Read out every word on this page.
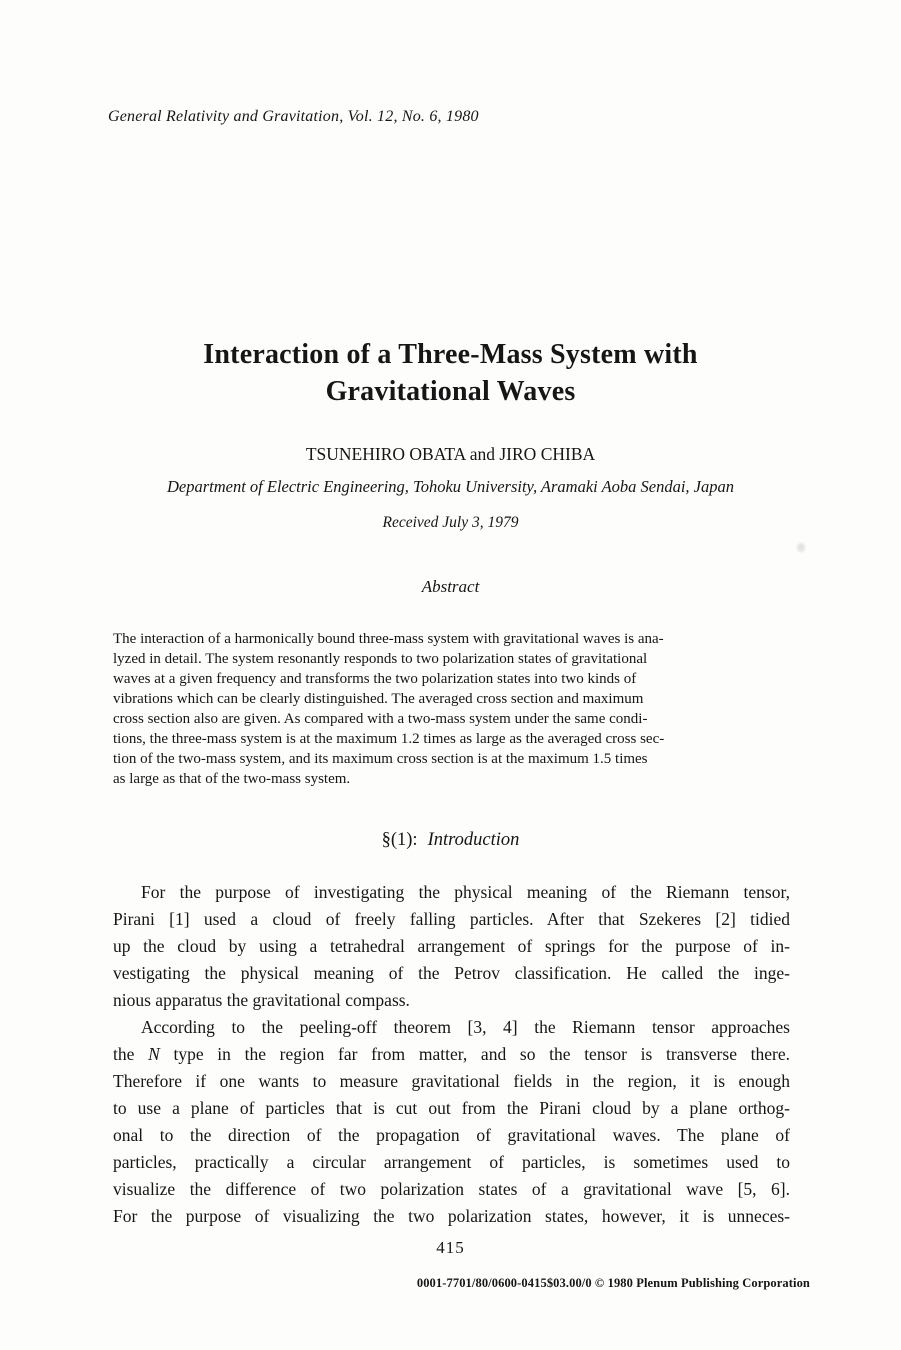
General Relativity and Gravitation, Vol. 12, No. 6, 1980
Interaction of a Three-Mass System with
Gravitational Waves
TSUNEHIRO OBATA and JIRO CHIBA
Department of Electric Engineering, Tohoku University, Aramaki Aoba Sendai, Japan
Received July 3, 1979
Abstract
The interaction of a harmonically bound three-mass system with gravitational waves is ana-
lyzed in detail. The system resonantly responds to two polarization states of gravitational
waves at a given frequency and transforms the two polarization states into two kinds of
vibrations which can be clearly distinguished. The averaged cross section and maximum
cross section also are given. As compared with a two-mass system under the same condi-
tions, the three-mass system is at the maximum 1.2 times as large as the averaged cross sec-
tion of the two-mass system, and its maximum cross section is at the maximum 1.5 times
as large as that of the two-mass system.
§(1): Introduction
For the purpose of investigating the physical meaning of the Riemann tensor,
Pirani [1] used a cloud of freely falling particles. After that Szekeres [2] tidied
up the cloud by using a tetrahedral arrangement of springs for the purpose of in-
vestigating the physical meaning of the Petrov classification. He called the inge-
nious apparatus the gravitational compass.
According to the peeling-off theorem [3, 4] the Riemann tensor approaches
the N type in the region far from matter, and so the tensor is transverse there.
Therefore if one wants to measure gravitational fields in the region, it is enough
to use a plane of particles that is cut out from the Pirani cloud by a plane orthog-
onal to the direction of the propagation of gravitational waves. The plane of
particles, practically a circular arrangement of particles, is sometimes used to
visualize the difference of two polarization states of a gravitational wave [5, 6].
For the purpose of visualizing the two polarization states, however, it is unneces-
415
0001-7701/80/0600-0415$03.00/0 © 1980 Plenum Publishing Corporation
